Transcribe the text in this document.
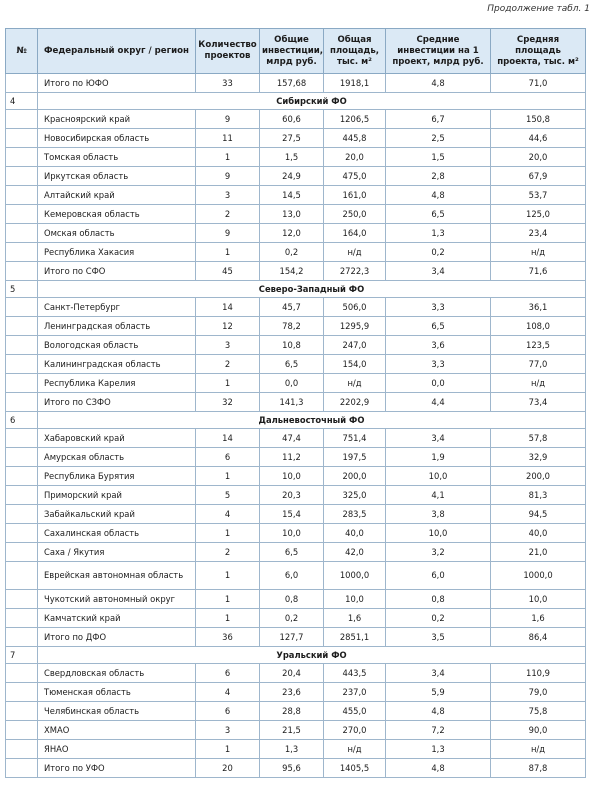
Продолжение табл. 1
№	Федеральный округ / регион	Количество проектов	Общие инвестиции, млрд руб.	Общая площадь, тыс. м²	Средние инвестиции на 1 проект, млрд руб.	Средняя площадь проекта, тыс. м²
	Итого по ЮФО	33	157,68	1918,1	4,8	71,0
4	Сибирский ФО					
	Красноярский край	9	60,6	1206,5	6,7	150,8
	Новосибирская область	11	27,5	445,8	2,5	44,6
	Томская область	1	1,5	20,0	1,5	20,0
	Иркутская область	9	24,9	475,0	2,8	67,9
	Алтайский край	3	14,5	161,0	4,8	53,7
	Кемеровская область	2	13,0	250,0	6,5	125,0
	Омская область	9	12,0	164,0	1,3	23,4
	Республика Хакасия	1	0,2	н/д	0,2	н/д
	Итого по СФО	45	154,2	2722,3	3,4	71,6
5	Северо-Западный ФО					
	Санкт-Петербург	14	45,7	506,0	3,3	36,1
	Ленинградская область	12	78,2	1295,9	6,5	108,0
	Вологодская область	3	10,8	247,0	3,6	123,5
	Калининградская область	2	6,5	154,0	3,3	77,0
	Республика Карелия	1	0,0	н/д	0,0	н/д
	Итого по СЗФО	32	141,3	2202,9	4,4	73,4
6	Дальневосточный ФО					
	Хабаровский край	14	47,4	751,4	3,4	57,8
	Амурская область	6	11,2	197,5	1,9	32,9
	Республика Бурятия	1	10,0	200,0	10,0	200,0
	Приморский край	5	20,3	325,0	4,1	81,3
	Забайкальский край	4	15,4	283,5	3,8	94,5
	Сахалинская область	1	10,0	40,0	10,0	40,0
	Саха / Якутия	2	6,5	42,0	3,2	21,0
	Еврейская автономная область	1	6,0	1000,0	6,0	1000,0
	Чукотский автономный округ	1	0,8	10,0	0,8	10,0
	Камчатский край	1	0,2	1,6	0,2	1,6
	Итого по ДФО	36	127,7	2851,1	3,5	86,4
7	Уральский ФО					
	Свердловская область	6	20,4	443,5	3,4	110,9
	Тюменская область	4	23,6	237,0	5,9	79,0
	Челябинская область	6	28,8	455,0	4,8	75,8
	ХМАО	3	21,5	270,0	7,2	90,0
	ЯНАО	1	1,3	н/д	1,3	н/д
	Итого по УФО	20	95,6	1405,5	4,8	87,8
